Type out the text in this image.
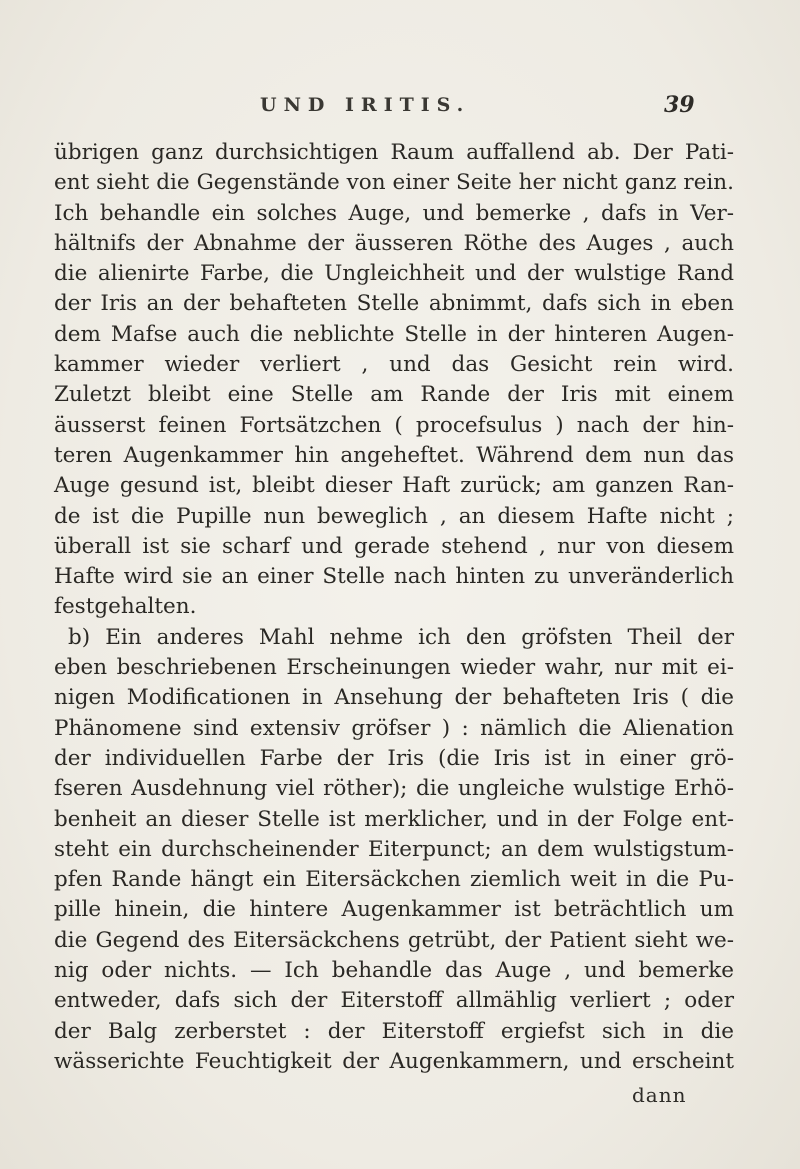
UND IRITIS.	39
übrigen ganz durchsichtigen Raum auffallend ab. Der Pati-
ent sieht die Gegenstände von einer Seite her nicht ganz rein.
Ich behandle ein solches Auge, und bemerke , dafs in Ver-
hältnifs der Abnahme der äusseren Röthe des Auges , auch
die alienirte Farbe, die Ungleichheit und der wulstige Rand
der Iris an der behafteten Stelle abnimmt, dafs sich in eben
dem Mafse auch die neblichte Stelle in der hinteren Augen-
kammer wieder verliert , und das Gesicht rein wird.
Zuletzt bleibt eine Stelle am Rande der Iris mit einem
äusserst feinen Fortsätzchen ( procefsulus ) nach der hin-
teren Augenkammer hin angeheftet. Während dem nun das
Auge gesund ist, bleibt dieser Haft zurück; am ganzen Ran-
de ist die Pupille nun beweglich , an diesem Hafte nicht ;
überall ist sie scharf und gerade stehend , nur von diesem
Hafte wird sie an einer Stelle nach hinten zu unveränderlich
festgehalten.
b) Ein anderes Mahl nehme ich den gröfsten Theil der
eben beschriebenen Erscheinungen wieder wahr, nur mit ei-
nigen Modificationen in Ansehung der behafteten Iris ( die
Phänomene sind extensiv gröfser ) : nämlich die Alienation
der individuellen Farbe der Iris (die Iris ist in einer grö-
fseren Ausdehnung viel röther); die ungleiche wulstige Erhö-
benheit an dieser Stelle ist merklicher, und in der Folge ent-
steht ein durchscheinender Eiterpunct; an dem wulstigstum-
pfen Rande hängt ein Eitersäckchen ziemlich weit in die Pu-
pille hinein, die hintere Augenkammer ist beträchtlich um
die Gegend des Eitersäckchens getrübt, der Patient sieht we-
nig oder nichts. — Ich behandle das Auge , und bemerke
entweder, dafs sich der Eiterstoff allmählig verliert ; oder
der Balg zerberstet : der Eiterstoff ergiefst sich in die
wässerichte Feuchtigkeit der Augenkammern, und erscheint
dann
